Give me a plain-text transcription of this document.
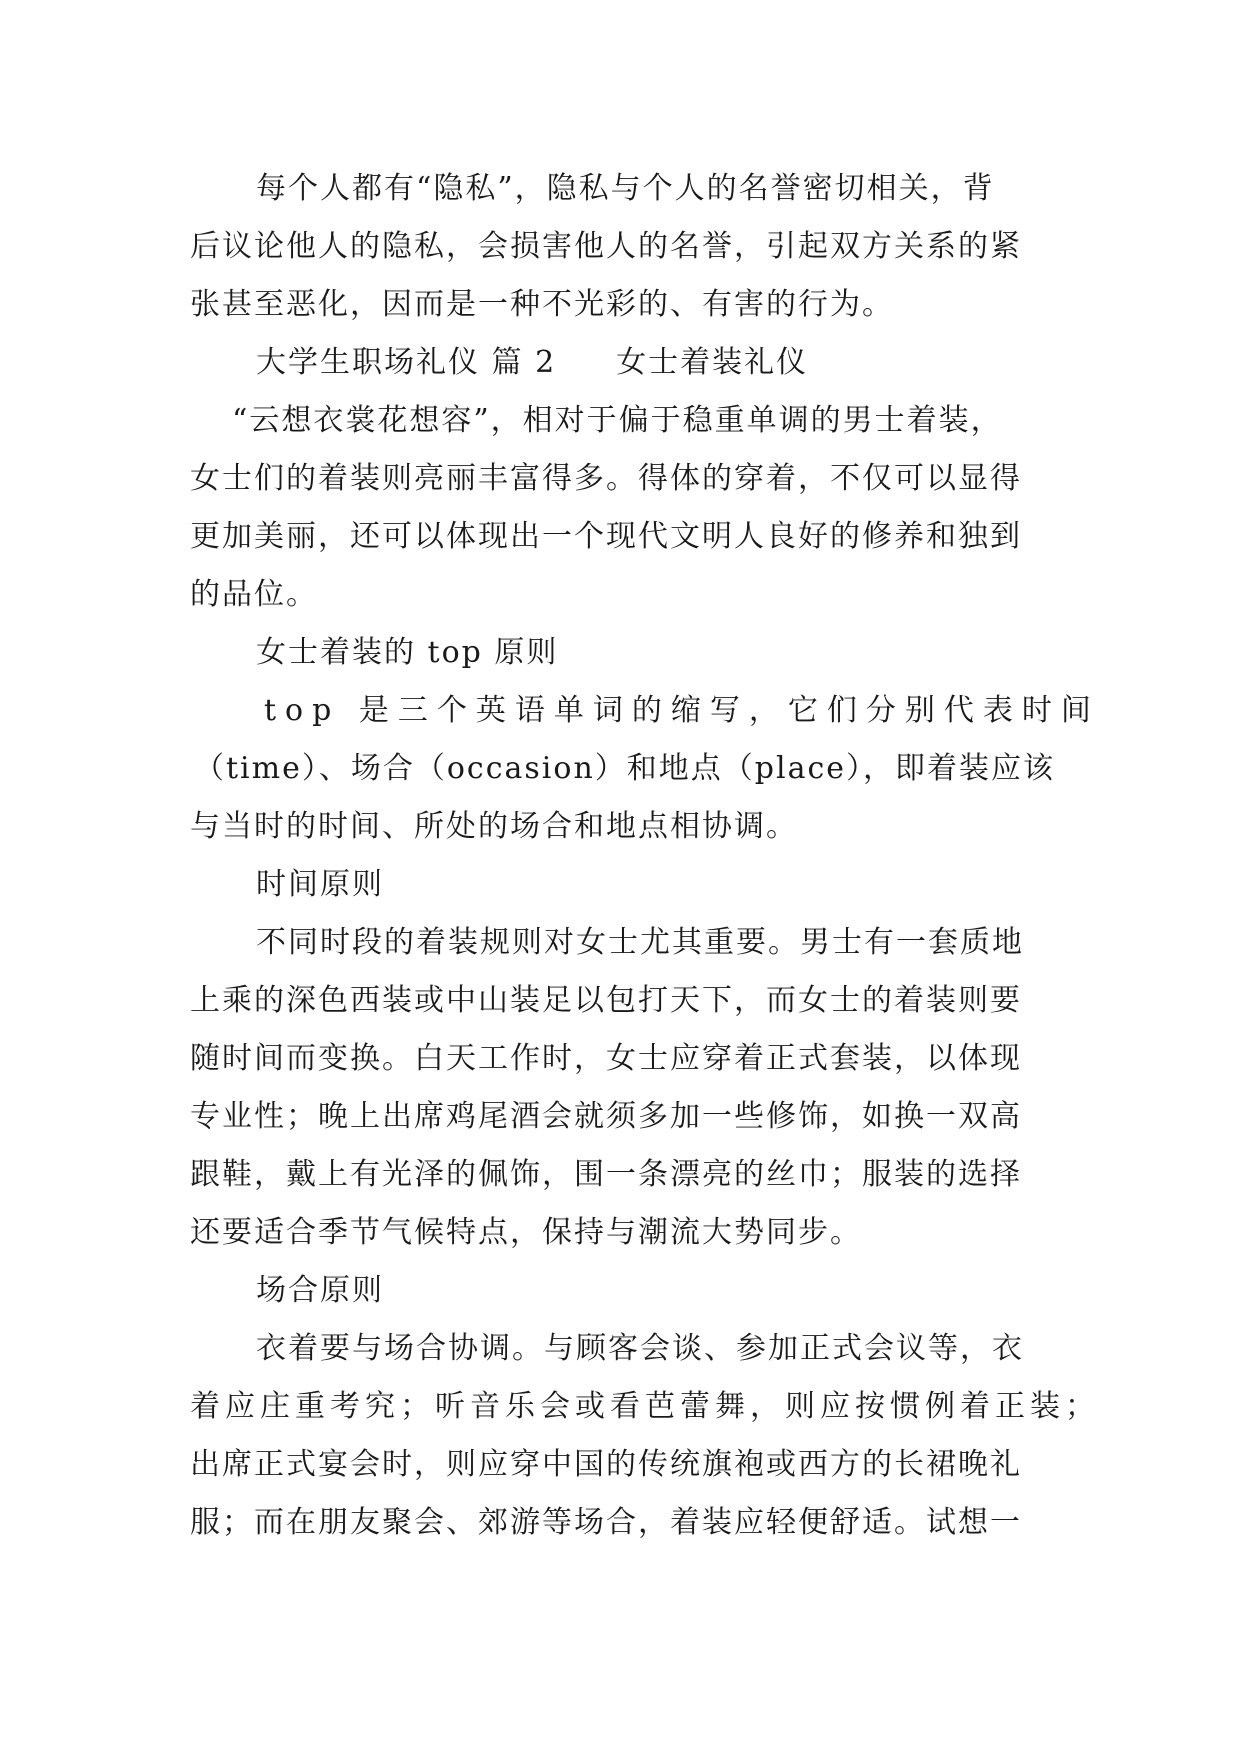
每个人都有“隐私”，隐私与个人的名誉密切相关，背
后议论他人的隐私，会损害他人的名誉，引起双方关系的紧
张甚至恶化，因而是一种不光彩的、有害的行为。
大学生职场礼仪 篇 2 女士着装礼仪
“云想衣裳花想容”，相对于偏于稳重单调的男士着装，
女士们的着装则亮丽丰富得多。得体的穿着，不仅可以显得
更加美丽，还可以体现出一个现代文明人良好的修养和独到
的品位。
女士着装的 top 原则
top 是三个英语单词的缩写，它们分别代表时间
（time）、场合（occasion）和地点（place），即着装应该
与当时的时间、所处的场合和地点相协调。
时间原则
不同时段的着装规则对女士尤其重要。男士有一套质地
上乘的深色西装或中山装足以包打天下，而女士的着装则要
随时间而变换。白天工作时，女士应穿着正式套装，以体现
专业性；晚上出席鸡尾酒会就须多加一些修饰，如换一双高
跟鞋，戴上有光泽的佩饰，围一条漂亮的丝巾；服装的选择
还要适合季节气候特点，保持与潮流大势同步。
场合原则
衣着要与场合协调。与顾客会谈、参加正式会议等，衣
着应庄重考究；听音乐会或看芭蕾舞，则应按惯例着正装；
出席正式宴会时，则应穿中国的传统旗袍或西方的长裙晚礼
服；而在朋友聚会、郊游等场合，着装应轻便舒适。试想一
